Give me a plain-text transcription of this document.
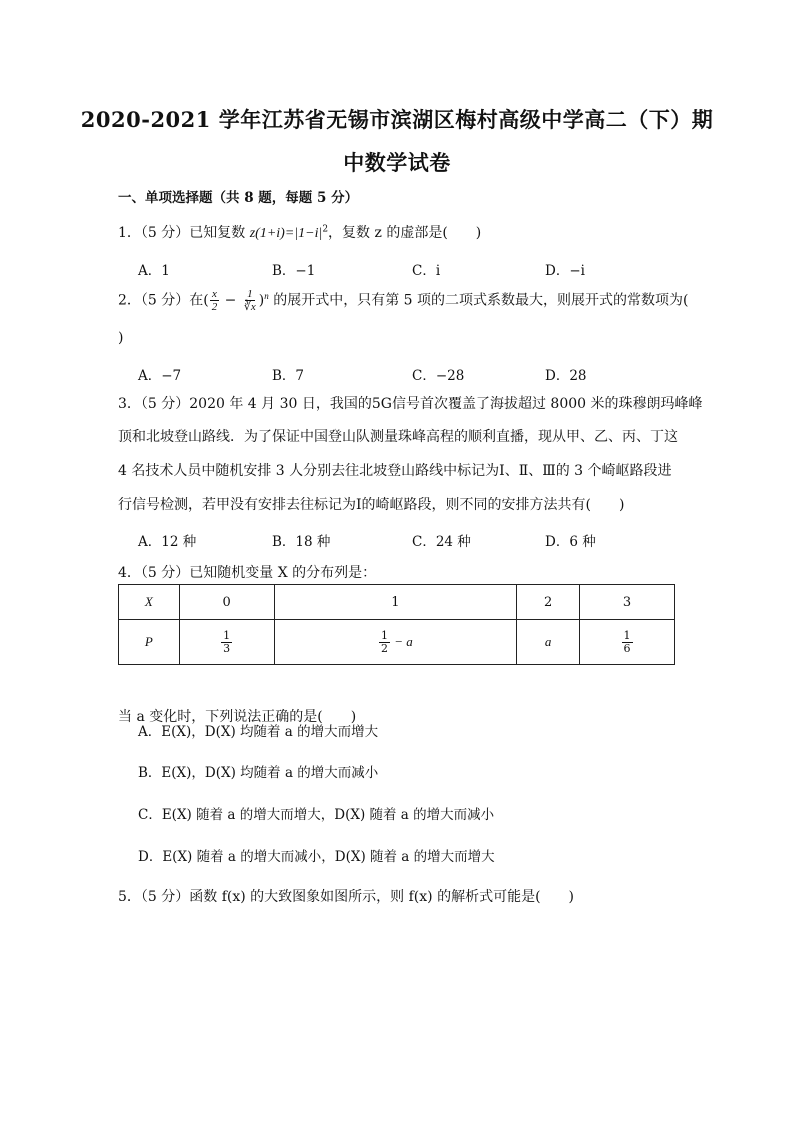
2020-2021 学年江苏省无锡市滨湖区梅村高级中学高二（下）期
中数学试卷
一、单项选择题（共 8 题，每题 5 分）
1．（5 分）已知复数 $z(1+i)=|1-i|^2$，复数 z 的虚部是(　　)
A．1	B．−1	C．i	D．−i
2．（5 分）在( $\frac{x}{2} - \frac{1}{∛x} )^n$ 的展开式中，只有第 5 项的二项式系数最大，则展开式的常数项为(
)
A．−7	B．7	C．−28	D．28
3．（5 分）2020 年 4 月 30 日，我国的5G信号首次覆盖了海拔超过 8000 米的珠穆朗玛峰峰
顶和北坡登山路线．为了保证中国登山队测量珠峰高程的顺利直播，现从甲、乙、丙、丁这
4 名技术人员中随机安排 3 人分别去往北坡登山路线中标记为Ⅰ、Ⅱ、Ⅲ的 3 个崎岖路段进
行信号检测，若甲没有安排去往标记为Ⅰ的崎岖路段，则不同的安排方法共有(　　)
A．12 种	B．18 种	C．24 种	D．6 种
4．（5 分）已知随机变量 X 的分布列是：
X	0	1	2	3
P	$\frac{1}{3}$	$\frac{1}{2} - a$	a	$\frac{1}{6}$
当 a 变化时，下列说法正确的是(　　)
A．E(X)，D(X) 均随着 a 的增大而增大
B．E(X)，D(X) 均随着 a 的增大而减小
C．E(X) 随着 a 的增大而增大，D(X) 随着 a 的增大而减小
D．E(X) 随着 a 的增大而减小，D(X) 随着 a 的增大而增大
5．（5 分）函数 f(x) 的大致图象如图所示，则 f(x) 的解析式可能是(　　)
